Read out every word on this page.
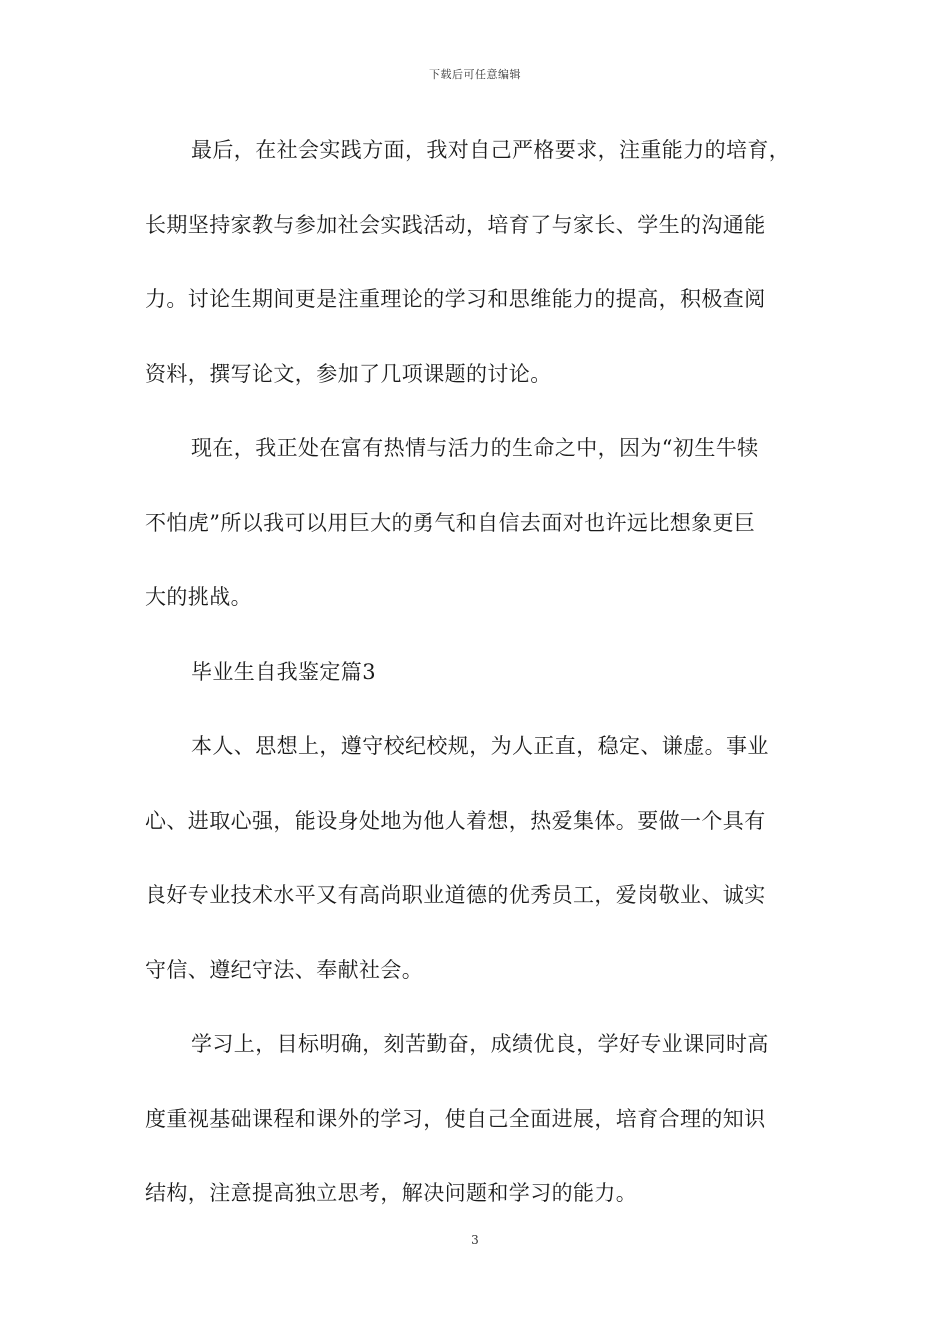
下载后可任意编辑
最后，在社会实践方面，我对自己严格要求，注重能力的培育，
长期坚持家教与参加社会实践活动，培育了与家长、学生的沟通能
力。讨论生期间更是注重理论的学习和思维能力的提高，积极查阅
资料，撰写论文，参加了几项课题的讨论。
现在，我正处在富有热情与活力的生命之中，因为“初生牛犊
不怕虎”所以我可以用巨大的勇气和自信去面对也许远比想象更巨
大的挑战。
毕业生自我鉴定篇3
本人、思想上，遵守校纪校规，为人正直，稳定、谦虚。事业
心、进取心强，能设身处地为他人着想，热爱集体。要做一个具有
良好专业技术水平又有高尚职业道德的优秀员工，爱岗敬业、诚实
守信、遵纪守法、奉献社会。
学习上，目标明确，刻苦勤奋，成绩优良，学好专业课同时高
度重视基础课程和课外的学习，使自己全面进展，培育合理的知识
结构，注意提高独立思考，解决问题和学习的能力。
3
